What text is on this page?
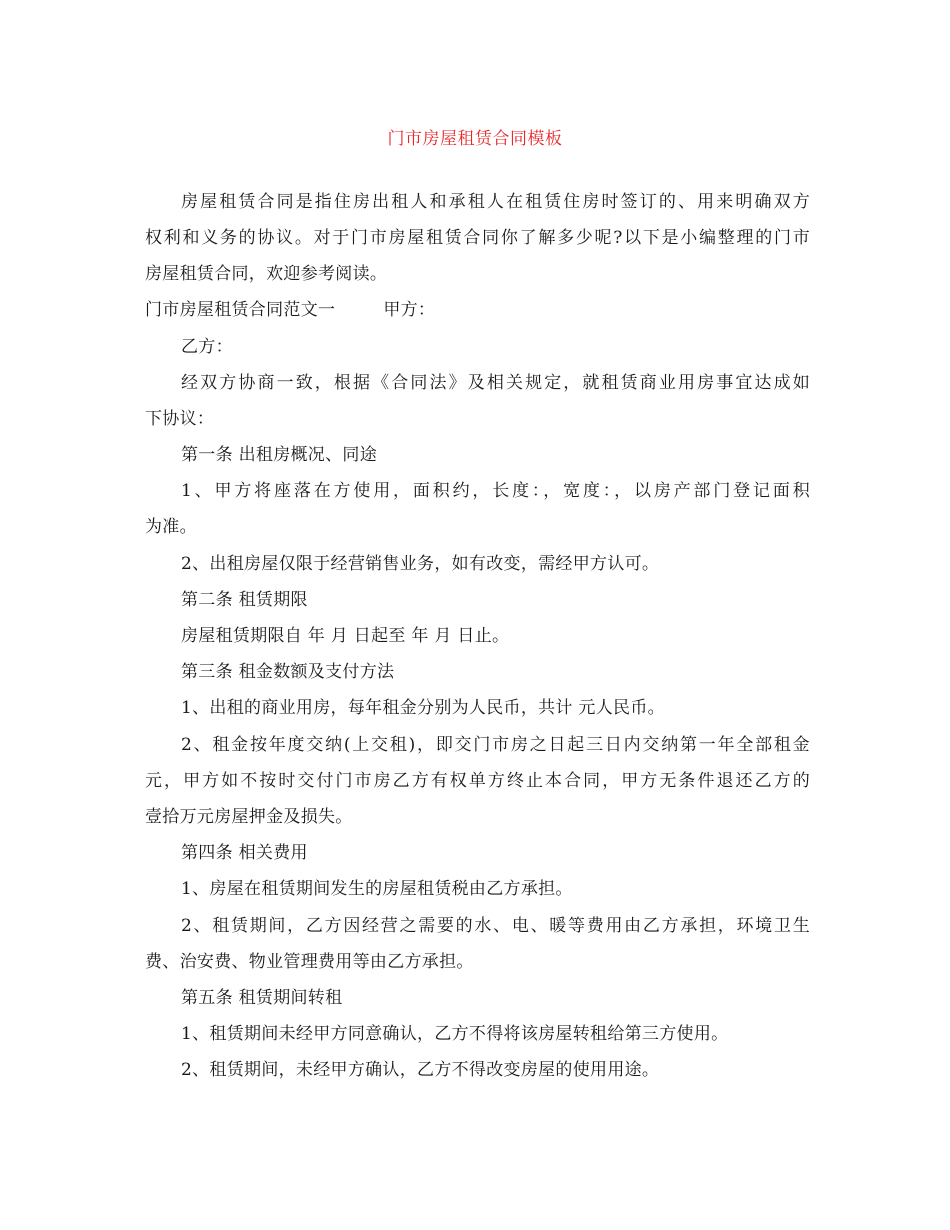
门市房屋租赁合同模板
房屋租赁合同是指住房出租人和承租人在租赁住房时签订的、用来明确双方
权利和义务的协议。对于门市房屋租赁合同你了解多少呢?以下是小编整理的门市
房屋租赁合同，欢迎参考阅读。
门市房屋租赁合同范文一	甲方：
乙方：
经双方协商一致，根据《合同法》及相关规定，就租赁商业用房事宜达成如
下协议：
第一条 出租房概况、同途
1、甲方将座落在方使用，面积约，长度：，宽度：，以房产部门登记面积
为准。
2、出租房屋仅限于经营销售业务，如有改变，需经甲方认可。
第二条 租赁期限
房屋租赁期限自 年 月 日起至 年 月 日止。
第三条 租金数额及支付方法
1、出租的商业用房，每年租金分别为人民币，共计 元人民币。
2、租金按年度交纳(上交租)，即交门市房之日起三日内交纳第一年全部租金
元，甲方如不按时交付门市房乙方有权单方终止本合同，甲方无条件退还乙方的
壹拾万元房屋押金及损失。
第四条 相关费用
1、房屋在租赁期间发生的房屋租赁税由乙方承担。
2、租赁期间，乙方因经营之需要的水、电、暖等费用由乙方承担，环境卫生
费、治安费、物业管理费用等由乙方承担。
第五条 租赁期间转租
1、租赁期间未经甲方同意确认，乙方不得将该房屋转租给第三方使用。
2、租赁期间，未经甲方确认，乙方不得改变房屋的使用用途。
